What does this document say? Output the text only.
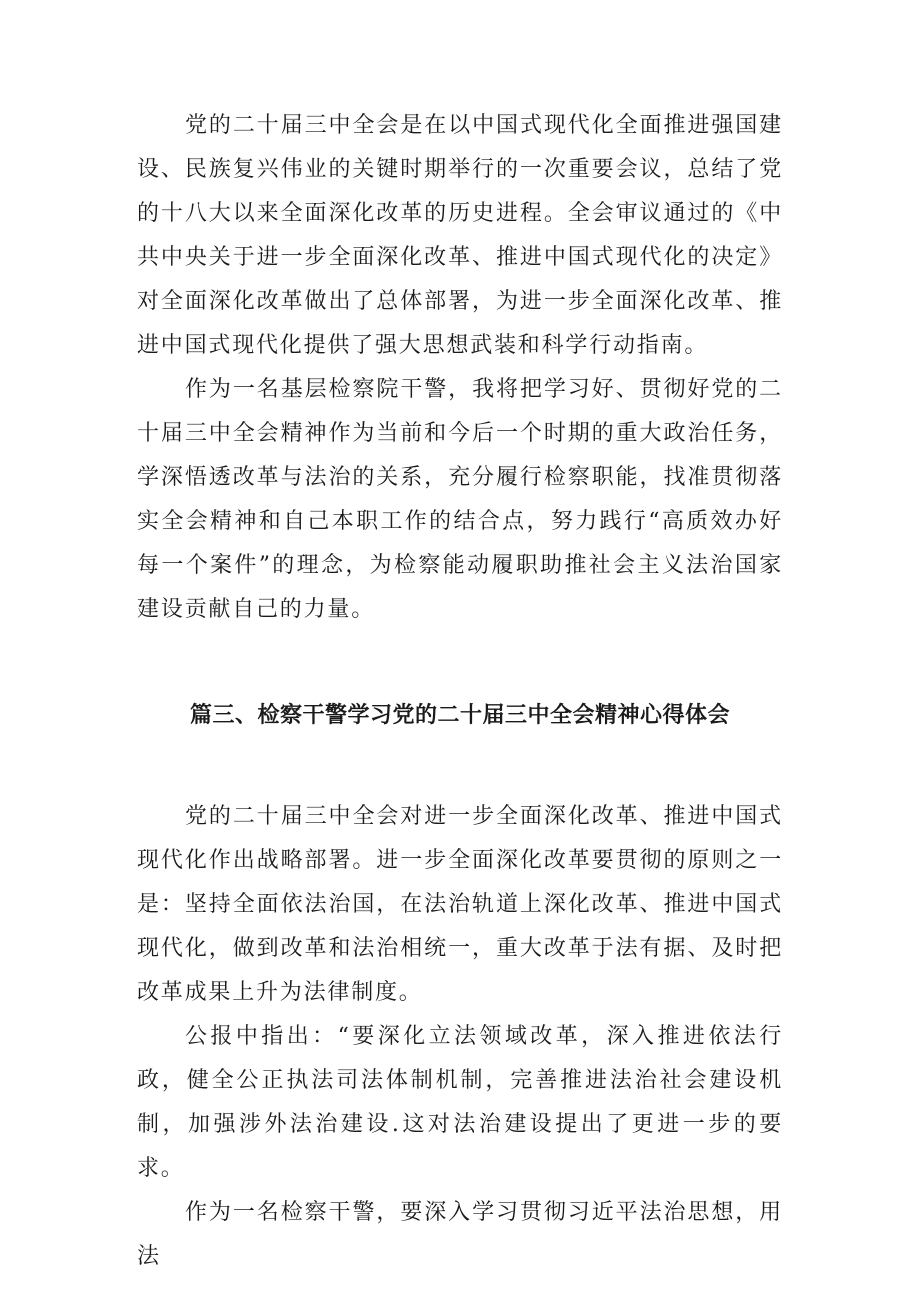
党的二十届三中全会是在以中国式现代化全面推进强国建设、民族复兴伟业的关键时期举行的一次重要会议，总结了党的十八大以来全面深化改革的历史进程。全会审议通过的《中共中央关于进一步全面深化改革、推进中国式现代化的决定》对全面深化改革做出了总体部署，为进一步全面深化改革、推进中国式现代化提供了强大思想武装和科学行动指南。

作为一名基层检察院干警，我将把学习好、贯彻好党的二十届三中全会精神作为当前和今后一个时期的重大政治任务，学深悟透改革与法治的关系，充分履行检察职能，找准贯彻落实全会精神和自己本职工作的结合点，努力践行“高质效办好每一个案件”的理念，为检察能动履职助推社会主义法治国家建设贡献自己的力量。

篇三、检察干警学习党的二十届三中全会精神心得体会

党的二十届三中全会对进一步全面深化改革、推进中国式现代化作出战略部署。进一步全面深化改革要贯彻的原则之一是：坚持全面依法治国，在法治轨道上深化改革、推进中国式现代化，做到改革和法治相统一，重大改革于法有据、及时把改革成果上升为法律制度。

公报中指出：“要深化立法领域改革，深入推进依法行政，健全公正执法司法体制机制，完善推进法治社会建设机制，加强涉外法治建设.这对法治建设提出了更进一步的要求。

作为一名检察干警，要深入学习贯彻习近平法治思想，用法
